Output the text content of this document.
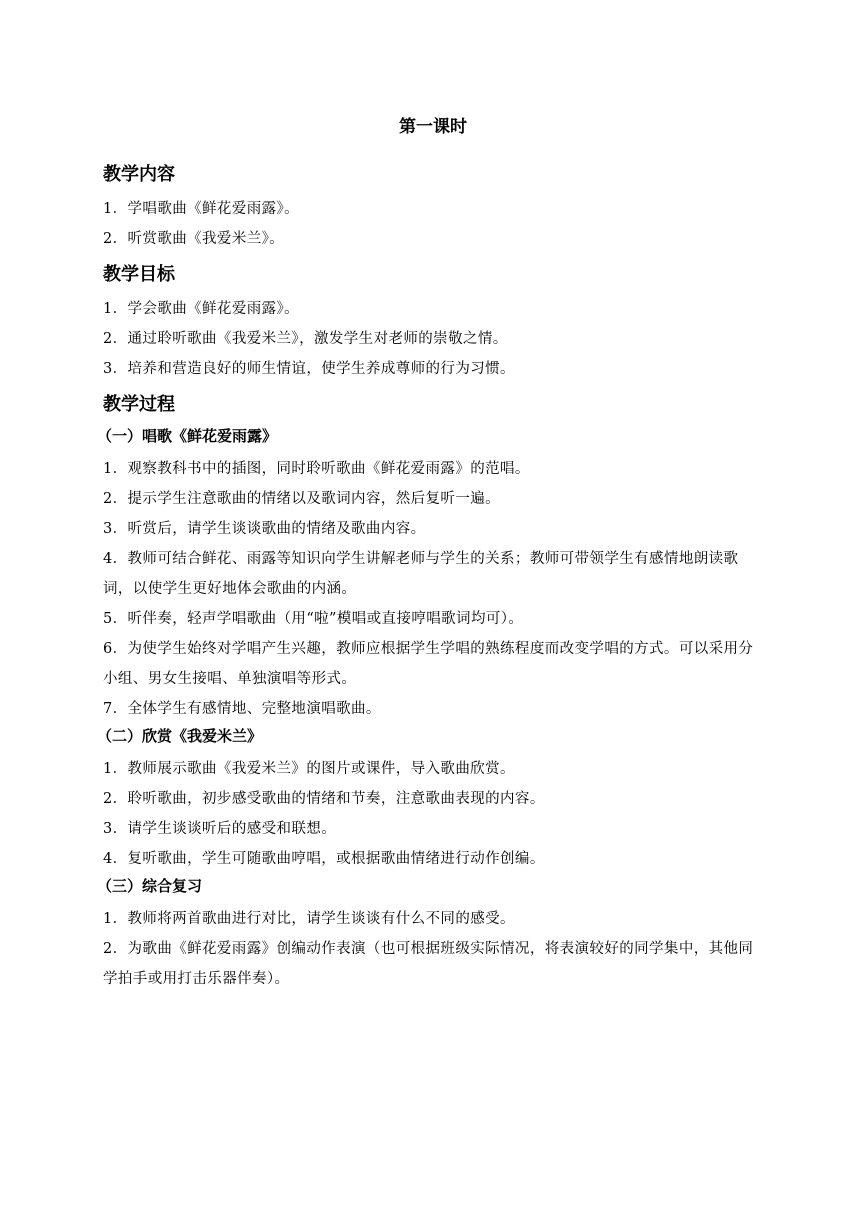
第一课时
教学内容

1．学唱歌曲《鲜花爱雨露》。

2．听赏歌曲《我爱米兰》。

教学目标

1．学会歌曲《鲜花爱雨露》。

2．通过聆听歌曲《我爱米兰》，激发学生对老师的崇敬之情。

3．培养和营造良好的师生情谊，使学生养成尊师的行为习惯。

教学过程
（一）唱歌《鲜花爱雨露》

1．观察教科书中的插图，同时聆听歌曲《鲜花爱雨露》的范唱。

2．提示学生注意歌曲的情绪以及歌词内容，然后复听一遍。

3．听赏后，请学生谈谈歌曲的情绪及歌曲内容。

4．教师可结合鲜花、雨露等知识向学生讲解老师与学生的关系；教师可带领学生有感情地朗读歌词，以使学生更好地体会歌曲的内涵。

5．听伴奏，轻声学唱歌曲（用“啦”模唱或直接哼唱歌词均可）。

6．为使学生始终对学唱产生兴趣，教师应根据学生学唱的熟练程度而改变学唱的方式。可以采用分小组、男女生接唱、单独演唱等形式。

7．全体学生有感情地、完整地演唱歌曲。

（二）欣赏《我爱米兰》

1．教师展示歌曲《我爱米兰》的图片或课件，导入歌曲欣赏。

2．聆听歌曲，初步感受歌曲的情绪和节奏，注意歌曲表现的内容。

3．请学生谈谈听后的感受和联想。

4．复听歌曲，学生可随歌曲哼唱，或根据歌曲情绪进行动作创编。

（三）综合复习

1．教师将两首歌曲进行对比，请学生谈谈有什么不同的感受。

2．为歌曲《鲜花爱雨露》创编动作表演（也可根据班级实际情况，将表演较好的同学集中，其他同学拍手或用打击乐器伴奏）。
